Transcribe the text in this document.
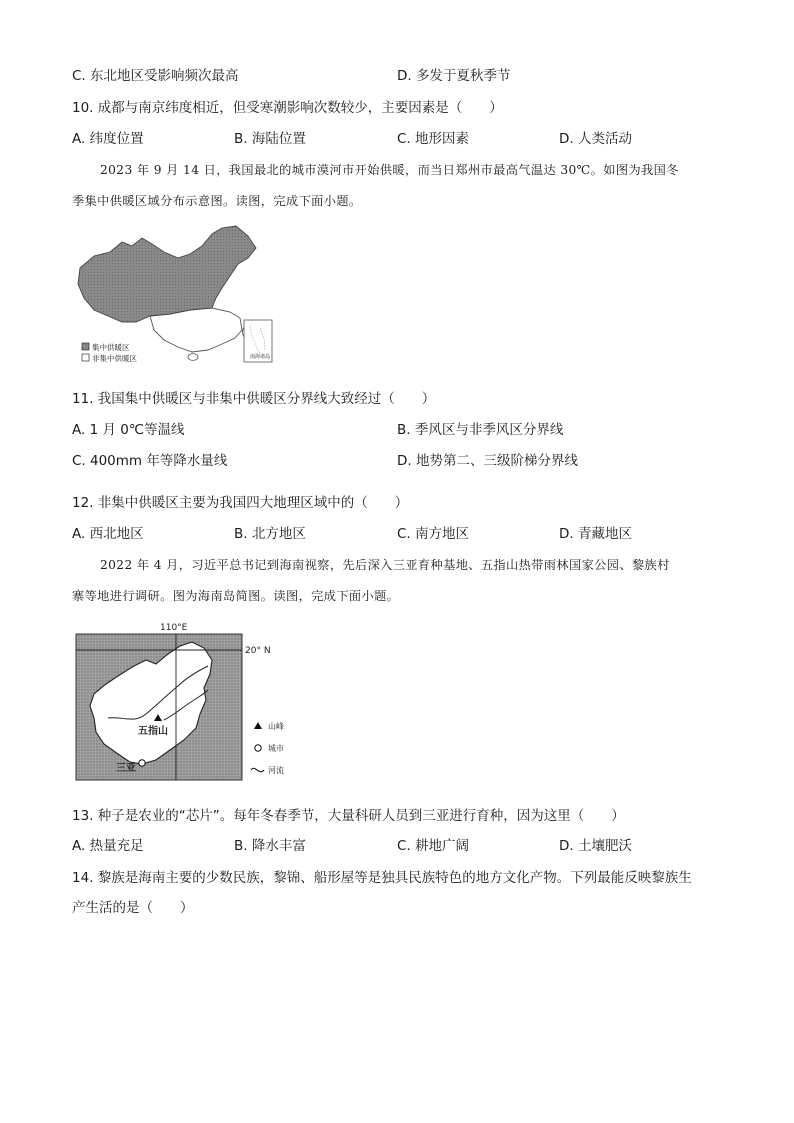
C. 东北地区受影响频次最高	D. 多发于夏秋季节
10. 成都与南京纬度相近，但受寒潮影响次数较少，主要因素是（　　）
A. 纬度位置	B. 海陆位置	C. 地形因素	D. 人类活动
2023 年 9 月 14 日，我国最北的城市漠河市开始供暖，而当日郑州市最高气温达 30℃。如图为我国冬
季集中供暖区域分布示意图。读图，完成下面小题。
集中供暖区
非集中供暖区	南海诸岛
11. 我国集中供暖区与非集中供暖区分界线大致经过（　　）
A. 1 月 0℃等温线	B. 季风区与非季风区分界线
C. 400mm 年等降水量线	D. 地势第二、三级阶梯分界线
12. 非集中供暖区主要为我国四大地理区域中的（　　）
A. 西北地区	B. 北方地区	C. 南方地区	D. 青藏地区
2022 年 4 月，习近平总书记到海南视察，先后深入三亚育种基地、五指山热带雨林国家公园、黎族村
寨等地进行调研。图为海南岛简图。读图，完成下面小题。
110°E
20° N
五指山
三亚
山峰
城市
河流
13. 种子是农业的“芯片”。每年冬春季节，大量科研人员到三亚进行育种，因为这里（　　）
A. 热量充足	B. 降水丰富	C. 耕地广阔	D. 土壤肥沃
14. 黎族是海南主要的少数民族，黎锦、船形屋等是独具民族特色的地方文化产物。下列最能反映黎族生
产生活的是（　　）
